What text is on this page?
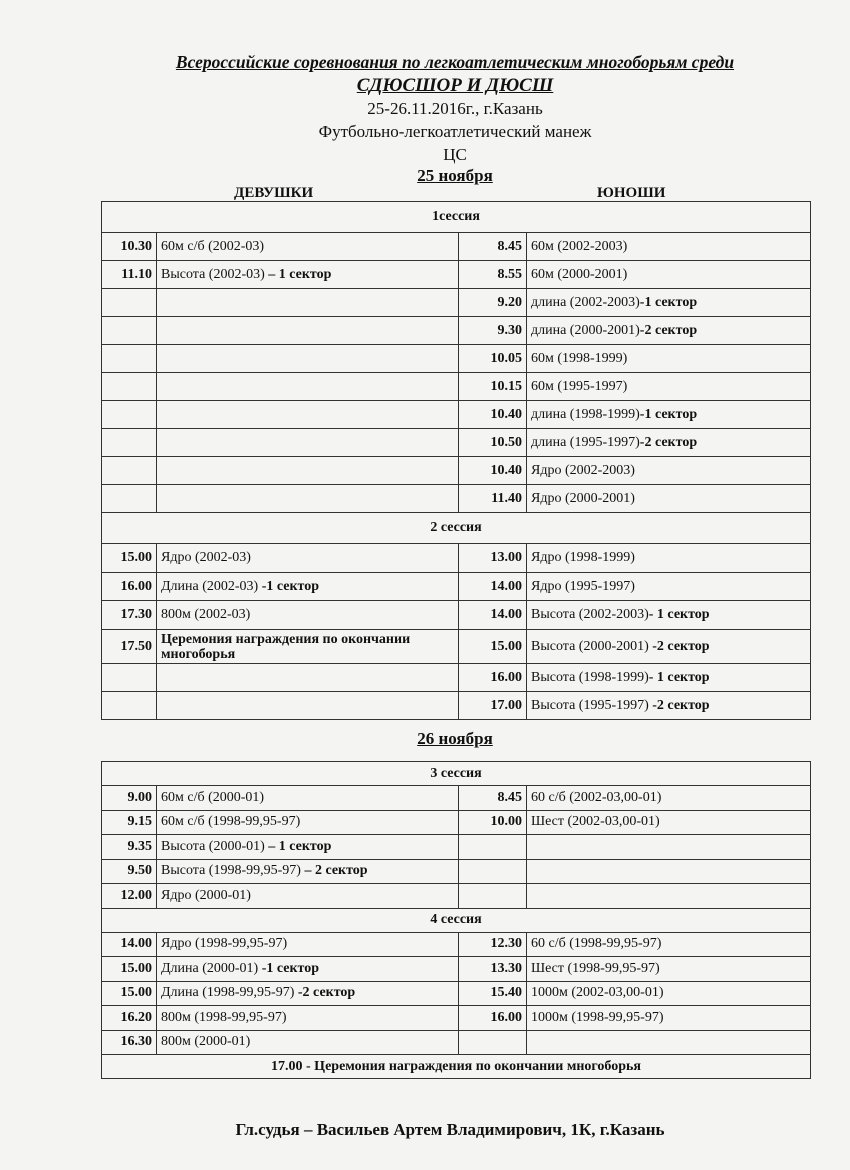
Всероссийские соревнования по легкоатлетическим многоборьям среди
СДЮСШОР И ДЮСШ
25-26.11.2016г., г.Казань
Футбольно-легкоатлетический манеж
ЦС
25 ноября
ДЕВУШКИ	ЮНОШИ
1сессия			
10.30	60м с/б (2002-03)	8.45	60м (2002-2003)
11.10	Высота (2002-03) – 1 сектор	8.55	60м (2000-2001)
		9.20	длина (2002-2003)-1 сектор
		9.30	длина (2000-2001)-2 сектор
		10.05	60м (1998-1999)
		10.15	60м (1995-1997)
		10.40	длина (1998-1999)-1 сектор
		10.50	длина (1995-1997)-2 сектор
		10.40	Ядро (2002-2003)
		11.40	Ядро (2000-2001)
2 сессия			
15.00	Ядро (2002-03)	13.00	Ядро (1998-1999)
16.00	Длина (2002-03) -1 сектор	14.00	Ядро (1995-1997)
17.30	800м (2002-03)	14.00	Высота (2002-2003)- 1 сектор
17.50	Церемония награждения по окончании многоборья	15.00	Высота (2000-2001) -2 сектор
		16.00	Высота (1998-1999)- 1 сектор
		17.00	Высота (1995-1997) -2 сектор
26 ноября
3 сессия			
9.00	60м с/б (2000-01)	8.45	60 с/б (2002-03,00-01)
9.15	60м с/б (1998-99,95-97)	10.00	Шест (2002-03,00-01)
9.35	Высота (2000-01) – 1 сектор		
9.50	Высота (1998-99,95-97) – 2 сектор		
12.00	Ядро (2000-01)		
4 сессия			
14.00	Ядро (1998-99,95-97)	12.30	60 с/б (1998-99,95-97)
15.00	Длина (2000-01) -1 сектор	13.30	Шест (1998-99,95-97)
15.00	Длина (1998-99,95-97) -2 сектор	15.40	1000м (2002-03,00-01)
16.20	800м (1998-99,95-97)	16.00	1000м (1998-99,95-97)
16.30	800м (2000-01)		
17.00 - Церемония награждения по окончании многоборья			
Гл.судья – Васильев Артем Владимирович, 1К, г.Казань
